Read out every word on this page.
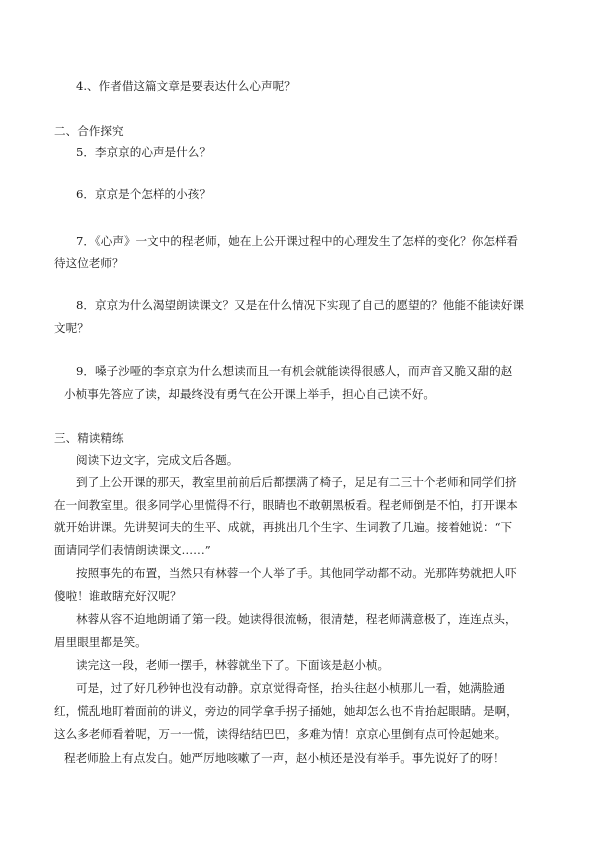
4.、作者借这篇文章是要表达什么心声呢？
二、合作探究
5．李京京的心声是什么？
6．京京是个怎样的小孩？
7．《心声》一文中的程老师，她在上公开课过程中的心理发生了怎样的变化？你怎样看
待这位老师？
8．京京为什么渴望朗读课文？又是在什么情况下实现了自己的愿望的？他能不能读好课
文呢？
9．嗓子沙哑的李京京为什么想读而且一有机会就能读得很感人，而声音又脆又甜的赵
小桢事先答应了读，却最终没有勇气在公开课上举手，担心自己读不好。
三、精读精练
阅读下边文字，完成文后各题。
到了上公开课的那天，教室里前前后后都摆满了椅子，足足有二三十个老师和同学们挤
在一间教室里。很多同学心里慌得不行，眼睛也不敢朝黑板看。程老师倒是不怕，打开课本
就开始讲课。先讲契诃夫的生平、成就，再挑出几个生字、生词教了几遍。接着她说：“下
面请同学们表情朗读课文……”
按照事先的布置，当然只有林蓉一个人举了手。其他同学动都不动。光那阵势就把人吓
傻啦！谁敢瞎充好汉呢？
林蓉从容不迫地朗诵了第一段。她读得很流畅，很清楚，程老师满意极了，连连点头，
眉里眼里都是笑。
读完这一段，老师一摆手，林蓉就坐下了。下面该是赵小桢。
可是，过了好几秒钟也没有动静。京京觉得奇怪，抬头往赵小桢那儿一看，她满脸通
红，慌乱地盯着面前的讲义，旁边的同学拿手拐子捅她，她却怎么也不肯抬起眼睛。是啊，
这么多老师看着呢，万一一慌，读得结结巴巴，多难为情！京京心里倒有点可怜起她来。
程老师脸上有点发白。她严厉地咳嗽了一声，赵小桢还是没有举手。事先说好了的呀！
